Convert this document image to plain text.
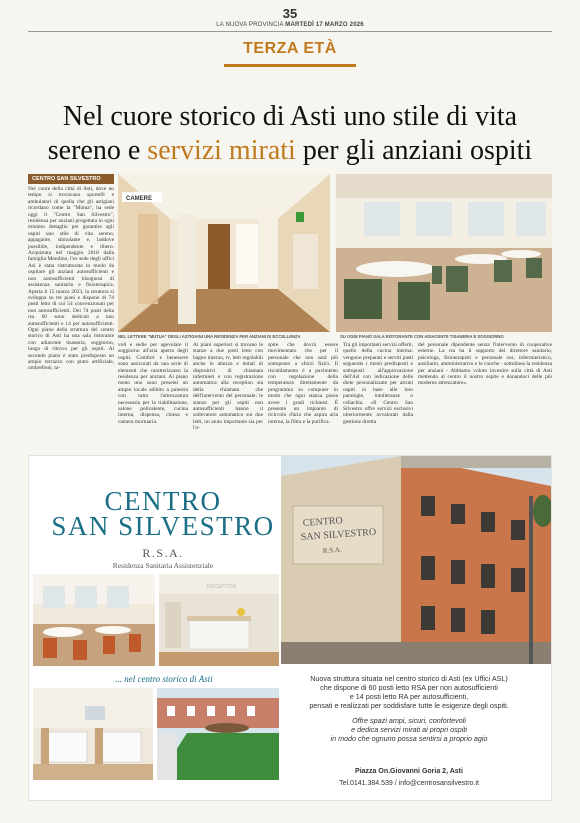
35
LA NUOVA PROVINCIA MARTEDÌ 17 MARZO 2026
TERZA ETÀ
Nel cuore storico di Asti uno stile di vita
sereno e servizi mirati per gli anziani ospiti
CENTRO SAN SILVESTRO
Nel cuore della città di Asti, dove un tempo si trovavano sportelli e ambulatori di quella che gli astigiani ricordano come la "Mutua", ha sede oggi il "Centro San Silvestro", residenza per anziani progettata in ogni minimo dettaglio per garantire agli ospiti uno stile di vita sereno, appagante, stimolante e, laddove possibile, indipendente e libero. Acquistata nel maggio 2018 dalla famiglia Mondino, l'ex sede degli uffici Asl è stata ristrutturata in modo da ospitare gli anziani autosufficienti e non autosufficienti bisognosi di assistenza sanitaria e fisioterapica. Aperta il 15 marzo 2023, la struttura si sviluppa su tre piani e dispone di 74 posti letto di cui 54 convenzionati per non autosufficienti. Dei 74 posti della rsa 60 sono dedicati a non autosufficienti e 14 per autosufficienti. Ogni piano della struttura del centro storico di Asti ha una sala ristorante con adiacente tisaneria, soggiorno, lungo di ritrovo per gli ospiti. Al secondo piano è stato predisposto un ampio terrazzo con prato artificiale, ombrelloni, ta-
CAMERE
NEL LETTERE "MUTUA" DEGLI ASTIGIANI UNA RESIDENZA PER ANZIANI DI ECCELLENZA	SU OGNI PIANO SALA RISTORANTE CON ADIACENTE TISANERIA E SOGGIORNO
voli e sedie per agevolare il soggiorno all'aria aperta degli ospiti. Comfort e benessere sono assicurati da una serie di elementi che caratterizzano la residenza per anziani. Al piano meno uno sono presenti un ampio locale adibito a palestra con tutta l'attrezzatura necessaria per la riabilitazione, salone polivalente, cucina interna, dispensa, chiesa e camera mortuaria.
Ai piani superiori si trovano le stanze a due posti letto con bagno interno, tv, letti regolabili anche in altezza e dotati di dispositivi di chiamata infermieri e con registrazione automatica alla reception sia della chiamata che dell'intervento del personale: le stanze per gli ospiti non autosufficienti hanno il sollevatore automatico sui due letti, un aiuto importante sia per l'o-
spite che dovrà essere movimentato che per il personale che non sarà più sottoposto a sforzi fisici. Il riscaldamento è a pavimento con regolazione della temperatura direttamente da programma su computer in modo che ogni stanza possa avere i gradi richiesti. È presente un impianto di ricircolo d'aria che aspira aria interna, la filtra e la purifica.
Tra gli importanti servizi offerti, quello della cucina interna: vengono preparati e serviti pasti seguendo i menù predisposti e sottoposti all'approvazione dell'Asl con indicazione delle diete personalizzate per alcuni ospiti in base alle loro patologie, intolleranze o celiachia. «Il Centro San Silvestro offre servizi esclusivi ulteriormente avvalorati dalla gestione diretta
del personale dipendente senza l'intervento di cooperative esterne. La rsa ha il supporto del direttore sanitario, psicologa, fisioterapisti e personale oss, infermieristico, ausiliario, amministrativo e le cuoche - sottolinea la residenza per anziani - Abbiamo voluto investire sulla città di Asti mettendo al centro il nostro ospite e donandoci delle più moderne attrezzature».
CENTRO
SAN SILVESTRO
R.S.A.
Residenza Sanitaria Assistenziale
CENTRO
SAN SILVESTRO
R.S.A.
RECEPTION
... nel centro storico di Asti	Nuova struttura situata nel centro storico di Asti (ex Uffici ASL)
che dispone di 60 posti letto RSA per non autosufficienti
e 14 posti letto RA per autosufficienti,
pensati e realizzati per soddisfare tutte le esigenze degli ospiti.
Offre spazi ampi, sicuri, confortevoli
e dedica servizi mirati ai propri ospiti
in modo che ognuno possa sentirsi a proprio agio
Piazza On.Giovanni Goria 2, Asti
Tel.0141.384.539 / info@centrosansilvestro.it
